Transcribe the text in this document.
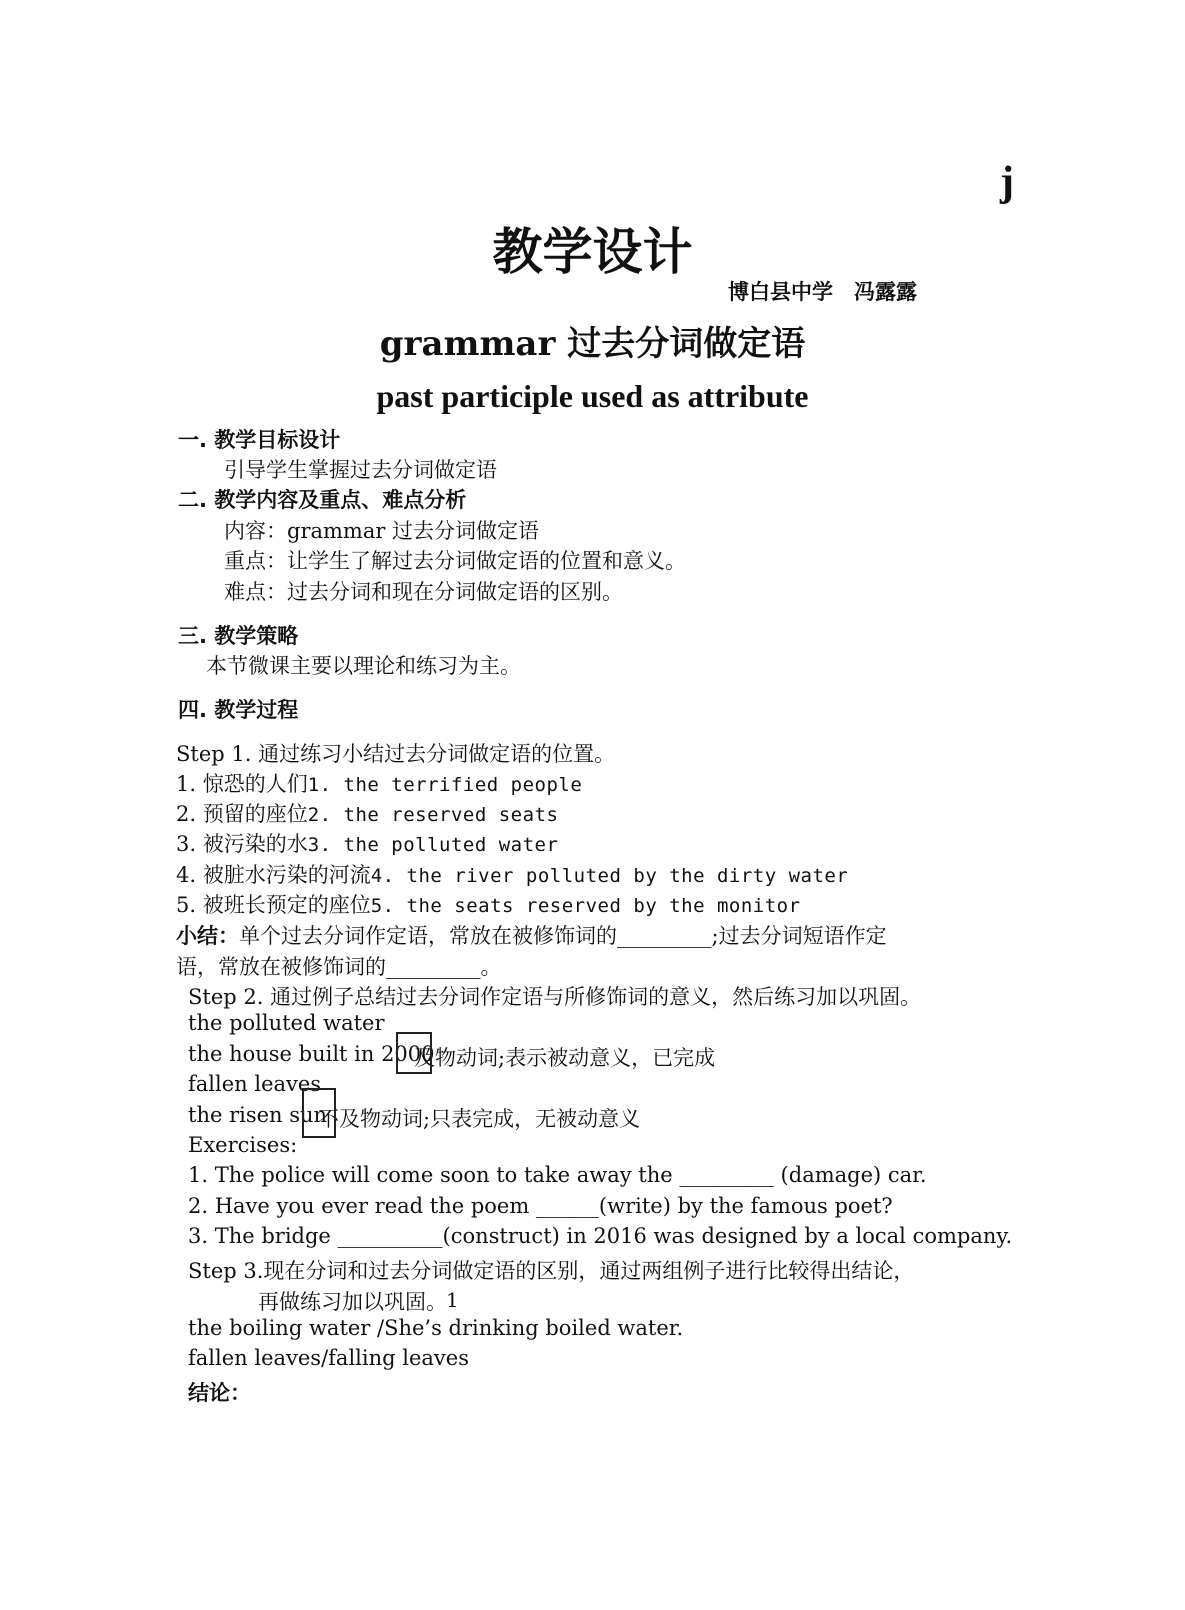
j
教学设计
博白县中学　冯露露
grammar 过去分词做定语
past participle used as attribute
一. 教学目标设计
引导学生掌握过去分词做定语
二. 教学内容及重点、难点分析
内容：grammar 过去分词做定语
重点：让学生了解过去分词做定语的位置和意义。
难点：过去分词和现在分词做定语的区别。
三. 教学策略
本节微课主要以理论和练习为主。
四. 教学过程
Step 1. 通过练习小结过去分词做定语的位置。
1. 惊恐的人们1. the terrified people
2. 预留的座位2. the reserved seats
3. 被污染的水3. the polluted water
4. 被脏水污染的河流4. the river polluted by the dirty water
5. 被班长预定的座位5. the seats reserved by the monitor
小结：单个过去分词作定语，常放在被修饰词的_________;过去分词短语作定
语，常放在被修饰词的_________。
Step 2. 通过例子总结过去分词作定语与所修饰词的意义，然后练习加以巩固。
the polluted water
the house built in 2000
及物动词;表示被动意义，已完成
fallen leaves
the risen sun
不及物动词;只表完成，无被动意义
Exercises:
1. The police will come soon to take away the _________ (damage) car.
2. Have you ever read the poem ______(write) by the famous poet?
3. The bridge __________(construct) in 2016 was designed by a local company.
Step 3.现在分词和过去分词做定语的区别，通过两组例子进行比较得出结论，
再做练习加以巩固。 1
the boiling water /She’s drinking boiled water.
fallen leaves/falling leaves
结论：
